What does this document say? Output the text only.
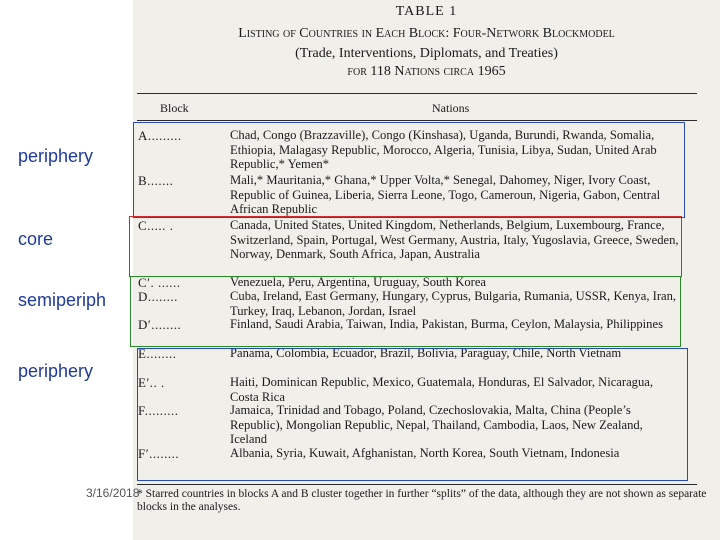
TABLE 1
Listing of Countries in Each Block: Four-Network Blockmodel
(Trade, Interventions, Diplomats, and Treaties)
for 118 Nations circa 1965
Block	Nations
A.........	Chad, Congo (Brazzaville), Congo (Kinshasa), Uganda, Burundi, Rwanda, Somalia, Ethiopia, Malagasy Republic, Morocco, Algeria, Tunisia, Libya, Sudan, United Arab Republic,* Yemen*
B.......	Mali,* Mauritania,* Ghana,* Upper Volta,* Senegal, Dahomey, Niger, Ivory Coast, Republic of Guinea, Liberia, Sierra Leone, Togo, Cameroun, Nigeria, Gabon, Central African Republic
C..... .	Canada, United States, United Kingdom, Netherlands, Belgium, Luxembourg, France, Switzerland, Spain, Portugal, West Germany, Austria, Italy, Yugoslavia, Greece, Sweden, Norway, Denmark, South Africa, Japan, Australia
C′. ......	Venezuela, Peru, Argentina, Uruguay, South Korea
D........	Cuba, Ireland, East Germany, Hungary, Cyprus, Bulgaria, Rumania, USSR, Kenya, Iran, Turkey, Iraq, Lebanon, Jordan, Israel
D′........	Finland, Saudi Arabia, Taiwan, India, Pakistan, Burma, Ceylon, Malaysia, Philippines
E........	Panama, Colombia, Ecuador, Brazil, Bolivia, Paraguay, Chile, North Vietnam
E′.. .	Haiti, Dominican Republic, Mexico, Guatemala, Honduras, El Salvador, Nicaragua, Costa Rica
F.........	Jamaica, Trinidad and Tobago, Poland, Czechoslovakia, Malta, China (People’s Republic), Mongolian Republic, Nepal, Thailand, Cambodia, Laos, New Zealand, Iceland
F′........	Albania, Syria, Kuwait, Afghanistan, North Korea, South Vietnam, Indonesia
* Starred countries in blocks A and B cluster together in further “splits” of the data, although they are not shown as separate blocks in the analyses.
periphery
core
semiperiph
periphery
3/16/2018
